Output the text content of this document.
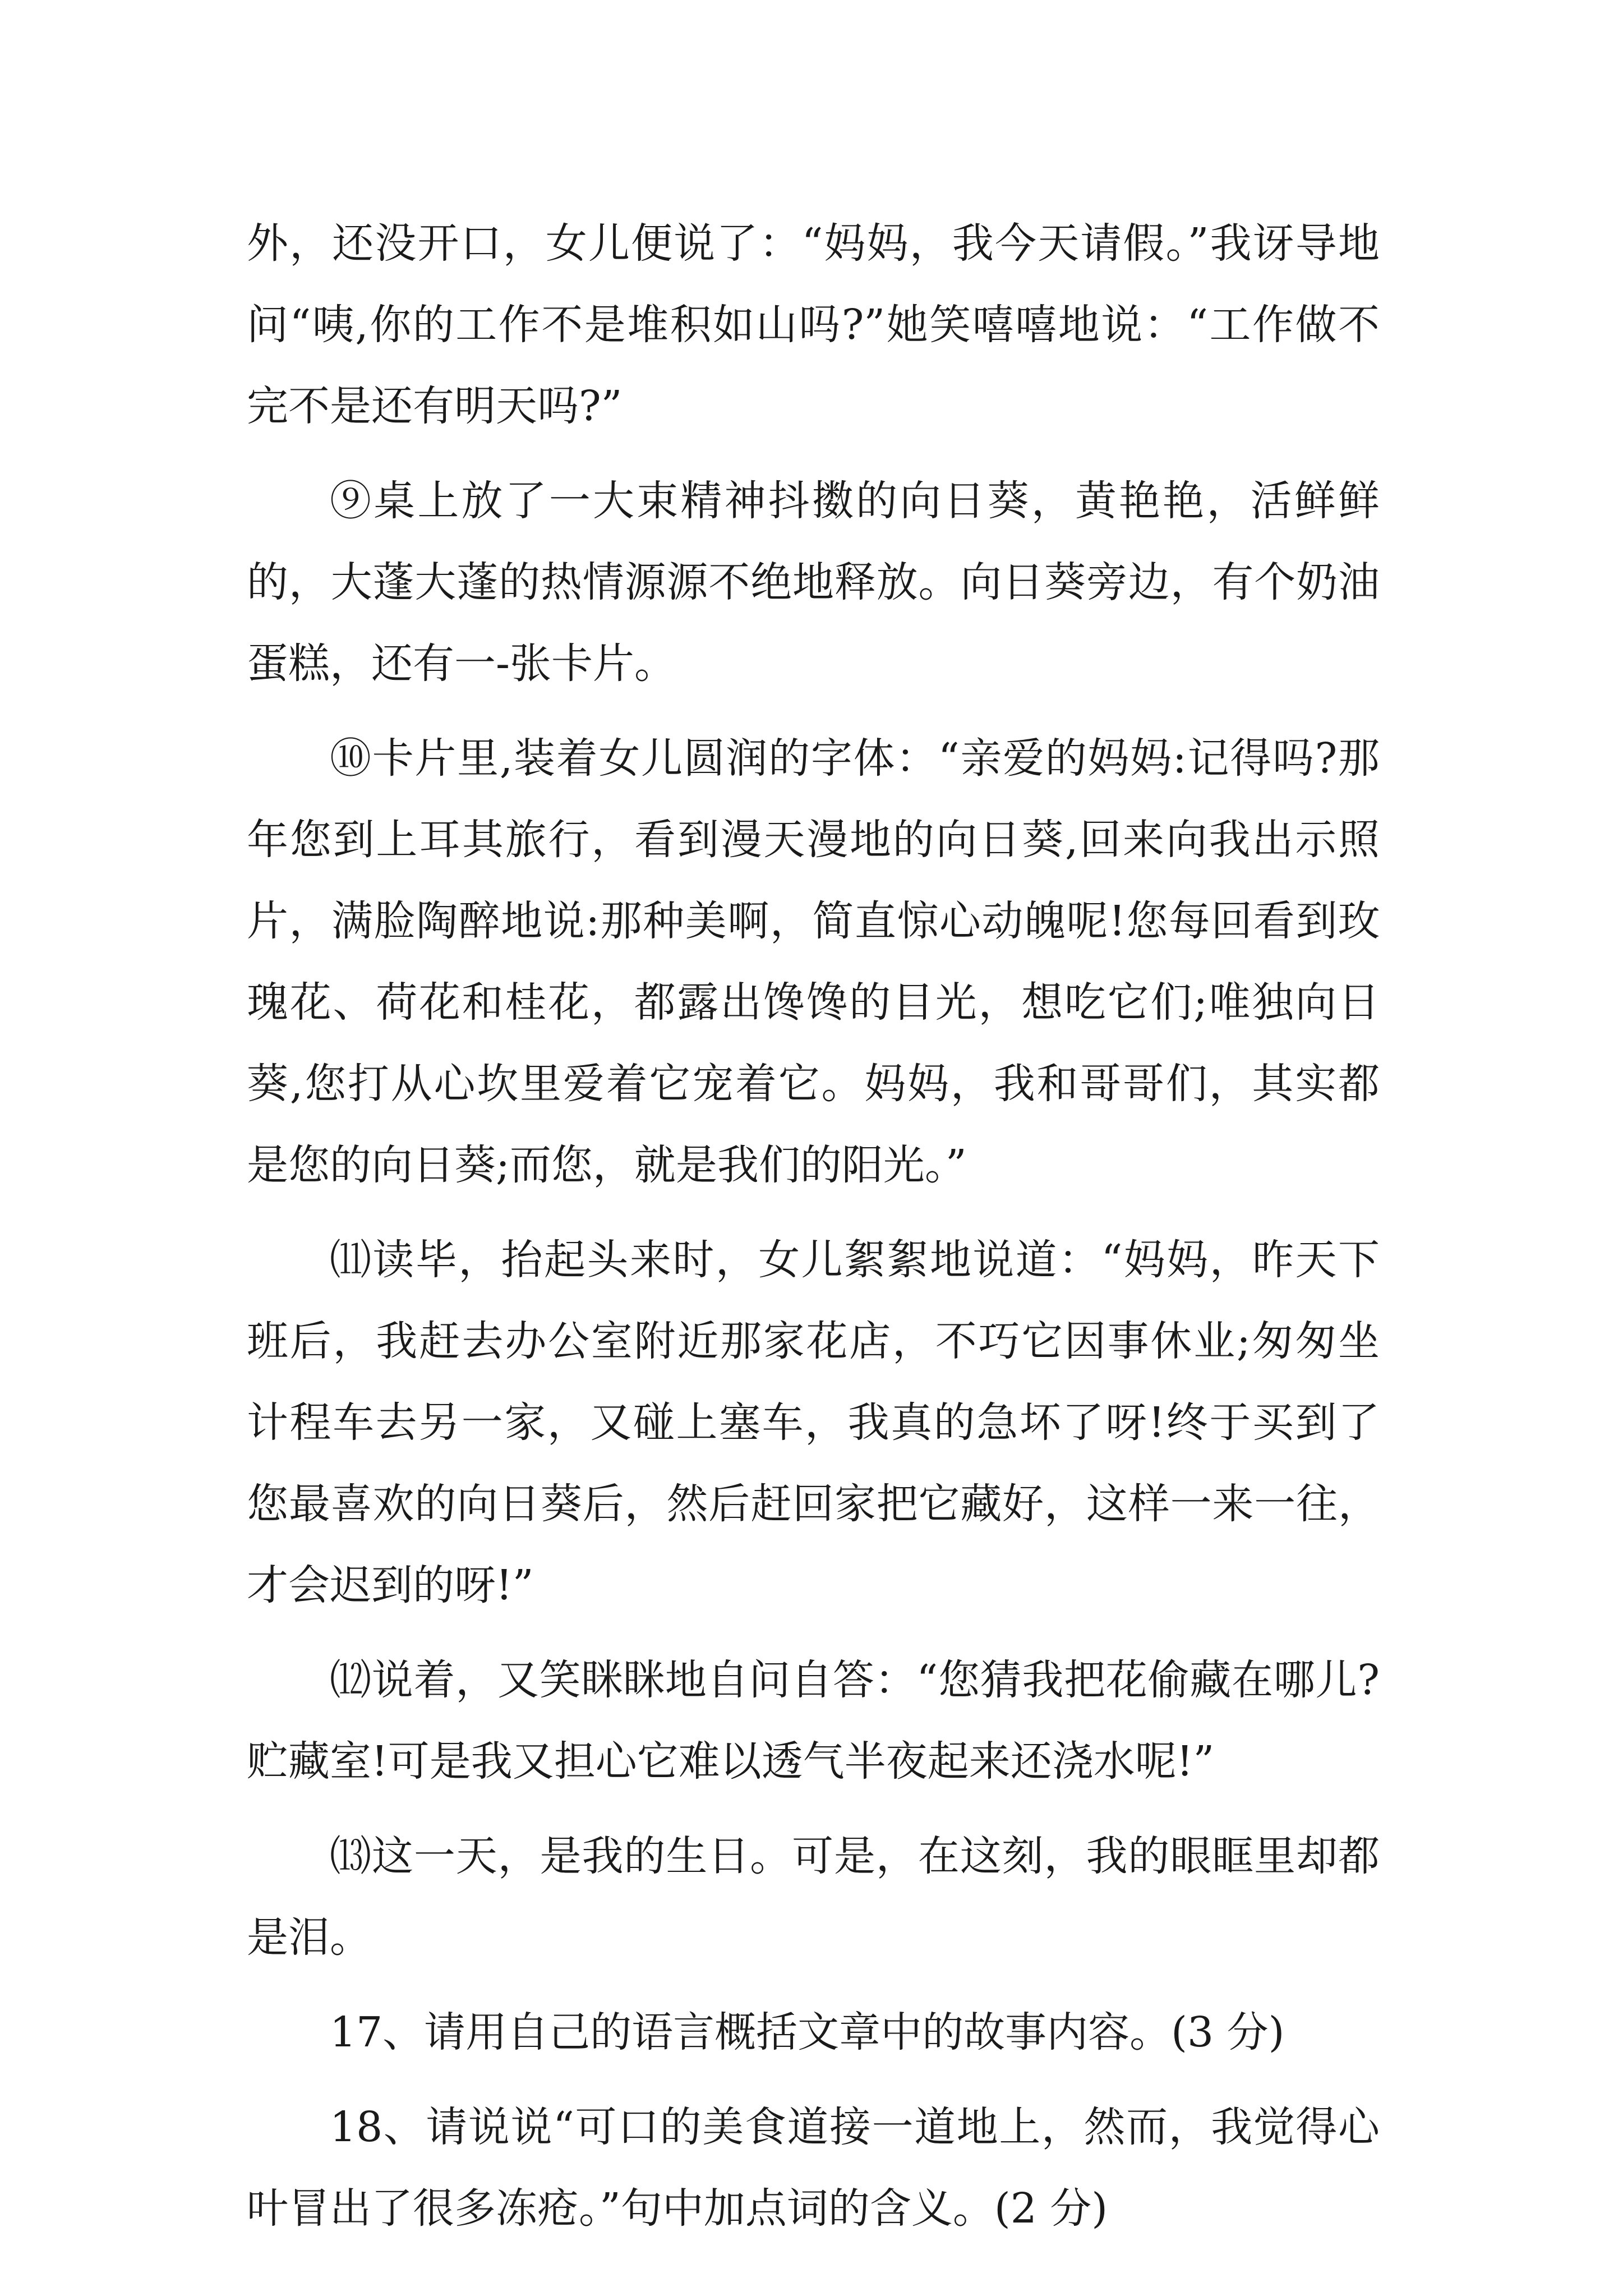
外，还没开口，女儿便说了：“妈妈，我今天请假。”我讶导地问“咦,你的工作不是堆积如山吗?”她笑嘻嘻地说：“工作做不完不是还有明天吗?”

⑨桌上放了一大束精神抖擞的向日葵，黄艳艳，活鲜鲜的，大蓬大蓬的热情源源不绝地释放。向日葵旁边，有个奶油蛋糕，还有一-张卡片。

⑩卡片里,装着女儿圆润的字体：“亲爱的妈妈:记得吗?那年您到上耳其旅行，看到漫天漫地的向日葵,回来向我出示照片，满脸陶醉地说:那种美啊，简直惊心动魄呢!您每回看到玫瑰花、荷花和桂花，都露出馋馋的目光，想吃它们;唯独向日葵,您打从心坎里爱着它宠着它。妈妈，我和哥哥们，其实都是您的向日葵;而您，就是我们的阳光。”

⑾读毕，抬起头来时，女儿絮絮地说道：“妈妈，昨天下班后，我赶去办公室附近那家花店，不巧它因事休业;匆匆坐计程车去另一家，又碰上塞车，我真的急坏了呀!终于买到了您最喜欢的向日葵后，然后赶回家把它藏好，这样一来一往，才会迟到的呀!”

⑿说着，又笑眯眯地自问自答：“您猜我把花偷藏在哪儿?贮藏室!可是我又担心它难以透气半夜起来还浇水呢!”

⒀这一天，是我的生日。可是，在这刻，我的眼眶里却都是泪。

17、请用自己的语言概括文章中的故事内容。(3 分)

18、请说说“可口的美食道接一道地上，然而，我觉得心叶冒出了很多冻疮。”句中加点词的含义。(2 分)
